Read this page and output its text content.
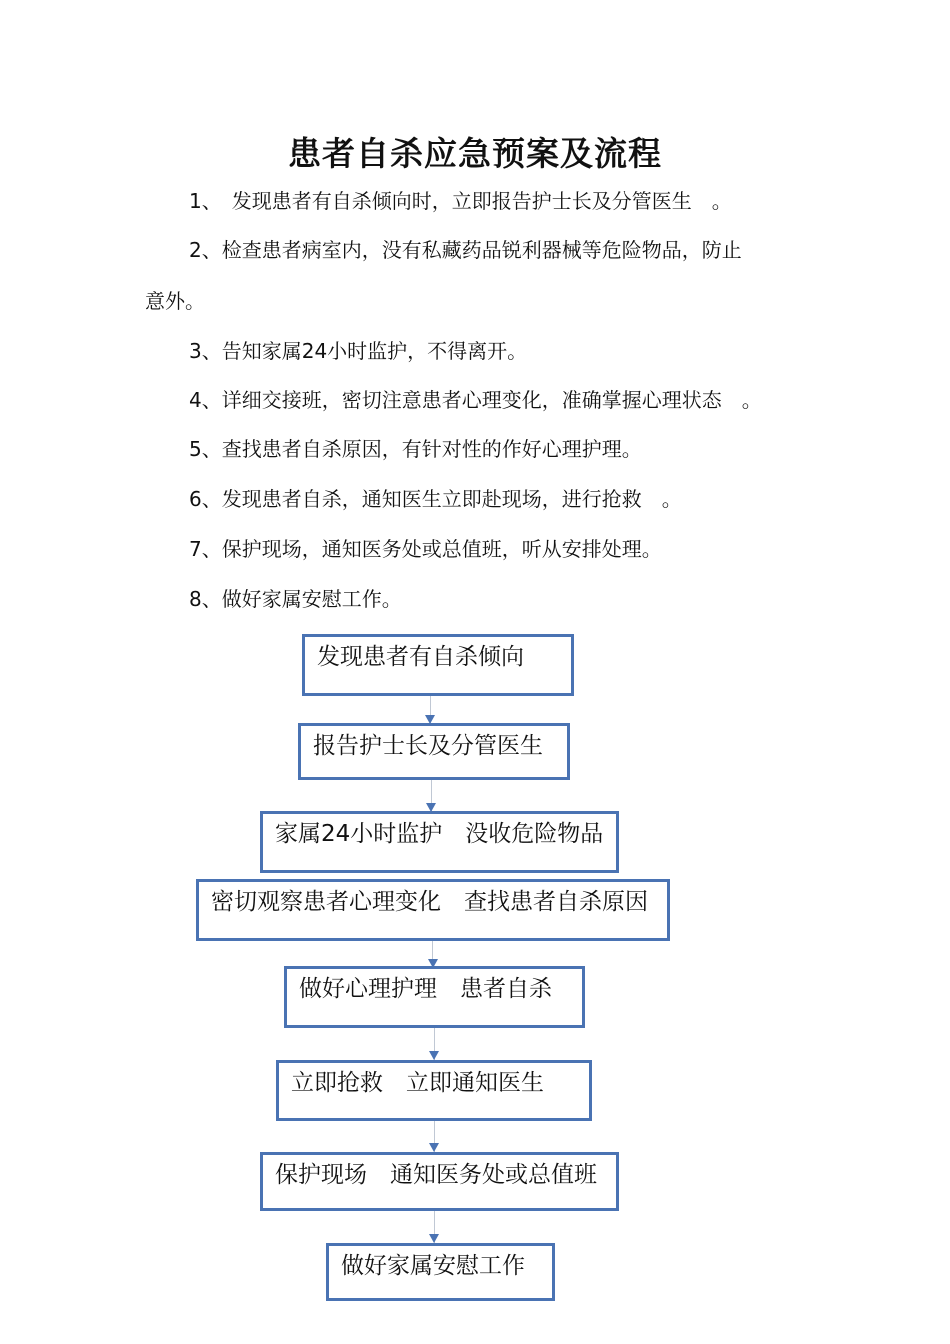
患者自杀应急预案及流程
1、　发现患者有自杀倾向时，立即报告护士长及分管医生　。
2、检查患者病室内，没有私藏药品锐利器械等危险物品，防止
意外。
3、告知家属24小时监护，不得离开。
4、详细交接班，密切注意患者心理变化，准确掌握心理状态　。
5、查找患者自杀原因，有针对性的作好心理护理。
6、发现患者自杀，通知医生立即赴现场，进行抢救　。
7、保护现场，通知医务处或总值班，听从安排处理。
8、做好家属安慰工作。
发现患者有自杀倾向
报告护士长及分管医生
家属24小时监护　没收危险物品
密切观察患者心理变化　查找患者自杀原因
做好心理护理　患者自杀
立即抢救　立即通知医生
保护现场　通知医务处或总值班
做好家属安慰工作
